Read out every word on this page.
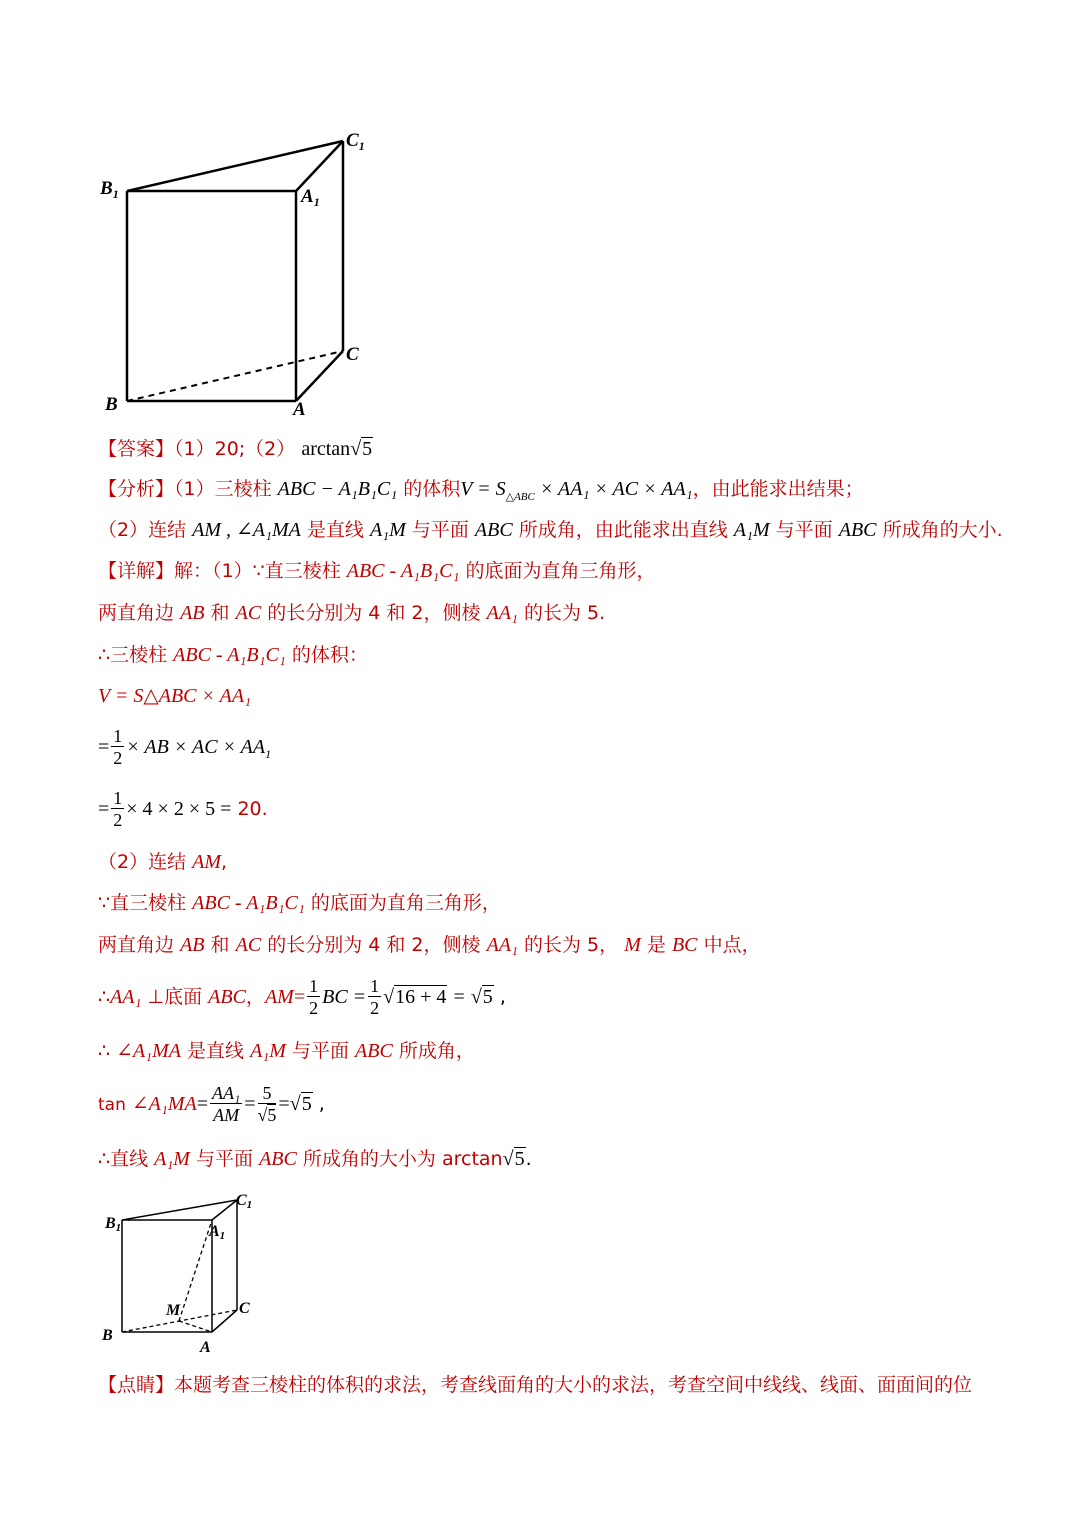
$B_1$
$C_1$
$A_1$
C
B	A
【答案】（1）20;（2） arctan√5
【分析】（1）三棱柱 ABC − A₁B₁C₁ 的体积$V = S_{\triangle ABC} \times AA_1$ × AC × AA₁，由此能求出结果；
（2）连结 AM , ∠A₁MA 是直线 A₁M 与平面 ABC 所成角，由此能求出直线 A₁M 与平面 ABC 所成角的大小.
【详解】解：（1）∵直三棱柱 ABC - A₁B₁C₁ 的底面为直角三角形，
两直角边 AB 和 AC 的长分别为 4 和 2，侧棱 AA₁ 的长为 5.
∴三棱柱 ABC - A₁B₁C₁ 的体积：
V = S△ABC × AA₁
= $\frac{1}{2}$ × AB × AC × $AA_1$
= $\frac{1}{2} \times 4 \times 2 \times 5 = 20$.
（2）连结 AM,
∵直三棱柱 ABC - A₁B₁C₁ 的底面为直角三角形，
两直角边 AB 和 AC 的长分别为 4 和 2，侧棱 AA₁ 的长为 5， M 是 BC 中点，
∴AA₁ ⊥底面 ABC，$AM= \frac{1}{2}$ BC = $\frac{1}{2} √16 + 4 = √5$ ,
∴ ∠A₁MA 是直线 A₁M 与平面 ABC 所成角，
tan ∠A₁MA= $\frac{\text{AA₁}}{AM} = \frac{5}{√5} =√5$ ,
∴直线 A₁M 与平面 ABC 所成角的大小为 arctan√5.
B1
C1
A1
C
B
A
M
【点睛】本题考查三棱柱的体积的求法，考查线面角的大小的求法，考查空间中线线、线面、面面间的位
